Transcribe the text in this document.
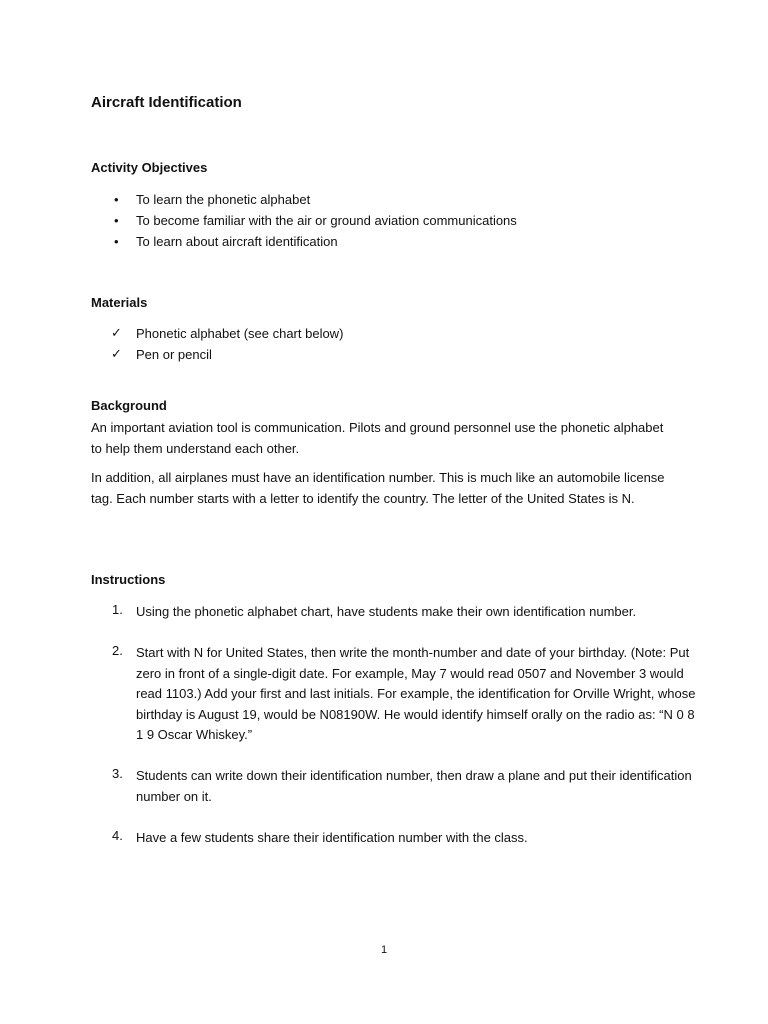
Aircraft Identification
Activity Objectives
• To learn the phonetic alphabet
• To become familiar with the air or ground aviation communications
• To learn about aircraft identification
Materials
✓ Phonetic alphabet (see chart below)
✓ Pen or pencil
Background
An important aviation tool is communication. Pilots and ground personnel use the phonetic alphabet to help them understand each other.
In addition, all airplanes must have an identification number. This is much like an automobile license tag. Each number starts with a letter to identify the country. The letter of the United States is N.
Instructions
1. Using the phonetic alphabet chart, have students make their own identification number.
2. Start with N for United States, then write the month-number and date of your birthday. (Note: Put zero in front of a single-digit date. For example, May 7 would read 0507 and November 3 would read 1103.) Add your first and last initials. For example, the identification for Orville Wright, whose birthday is August 19, would be N08190W. He would identify himself orally on the radio as: “N 0 8 1 9 Oscar Whiskey.”
3. Students can write down their identification number, then draw a plane and put their identification number on it.
4. Have a few students share their identification number with the class.
1
